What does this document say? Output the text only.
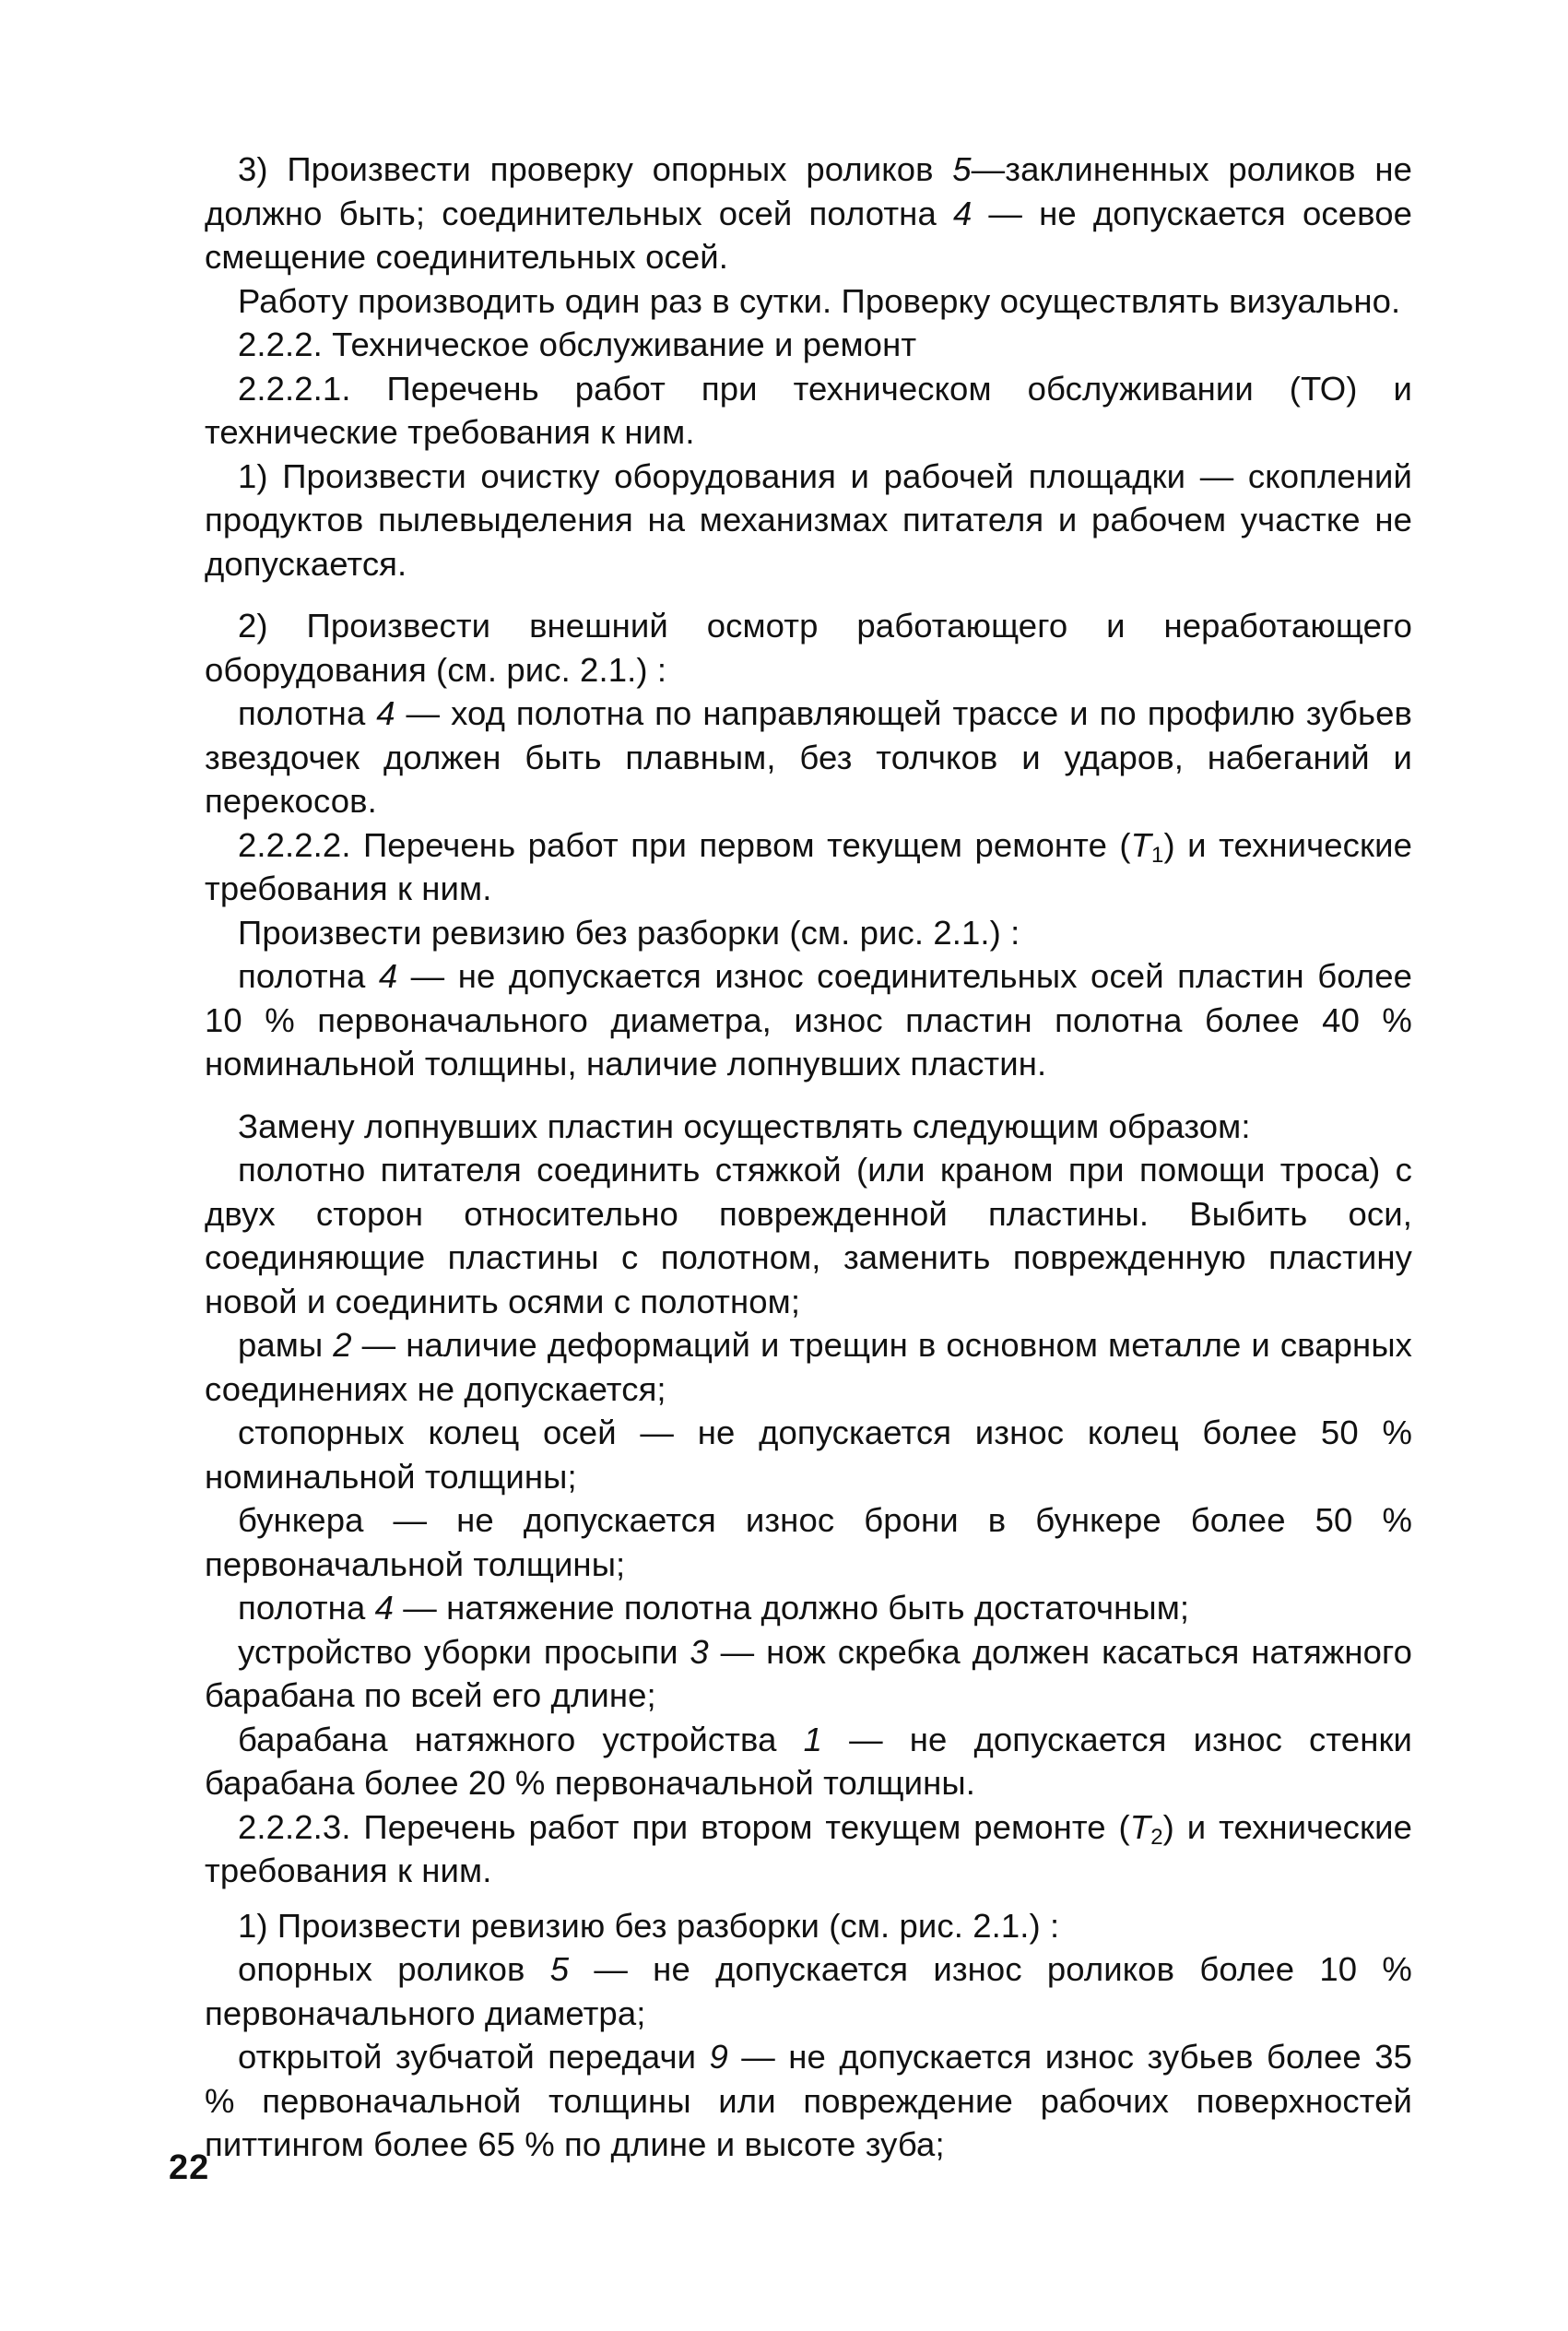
3) Произвести проверку опорных роликов 5—заклиненных роликов не должно быть; соединительных осей полотна 4 — не допускается осевое смещение соединительных осей.

Работу производить один раз в сутки. Проверку осуществлять визуально.

2.2.2. Техническое обслуживание и ремонт

2.2.2.1. Перечень работ при техническом обслуживании (ТО) и технические требования к ним.

1) Произвести очистку оборудования и рабочей площадки — скоплений продуктов пылевыделения на механизмах питателя и рабочем участке не допускается.

2) Произвести внешний осмотр работающего и неработающего оборудования (см. рис. 2.1.) :

полотна 4 — ход полотна по направляющей трассе и по профилю зубьев звездочек должен быть плавным, без толчков и ударов, набеганий и перекосов.

2.2.2.2. Перечень работ при первом текущем ремонте $(Т_1)$ и технические требования к ним.

Произвести ревизию без разборки (см. рис. 2.1.) :

полотна 4 — не допускается износ соединительных осей пластин более 10 % первоначального диаметра, износ пластин полотна более 40 % номинальной толщины, наличие лопнувших пластин.

Замену лопнувших пластин осуществлять следующим образом:

полотно питателя соединить стяжкой (или краном при помощи троса) с двух сторон относительно поврежденной пластины. Выбить оси, соединяющие пластины с полотном, заменить поврежденную пластину новой и соединить осями с полотном;

рамы 2 — наличие деформаций и трещин в основном металле и сварных соединениях не допускается;

стопорных колец осей — не допускается износ колец более 50 % номинальной толщины;

бункера — не допускается износ брони в бункере более 50 % первоначальной толщины;

полотна 4 — натяжение полотна должно быть достаточным;

устройство уборки просыпи 3 — нож скребка должен касаться натяжного барабана по всей его длине;

барабана натяжного устройства 1 — не допускается износ стенки барабана более 20 % первоначальной толщины.

2.2.2.3. Перечень работ при втором текущем ремонте $(Т_2)$ и технические требования к ним.

1) Произвести ревизию без разборки (см. рис. 2.1.) :

опорных роликов 5 — не допускается износ роликов более 10 % первоначального диаметра;

открытой зубчатой передачи 9 — не допускается износ зубьев более 35 % первоначальной толщины или повреждение рабочих поверхностей питтингом более 65 % по длине и высоте зуба;

22
